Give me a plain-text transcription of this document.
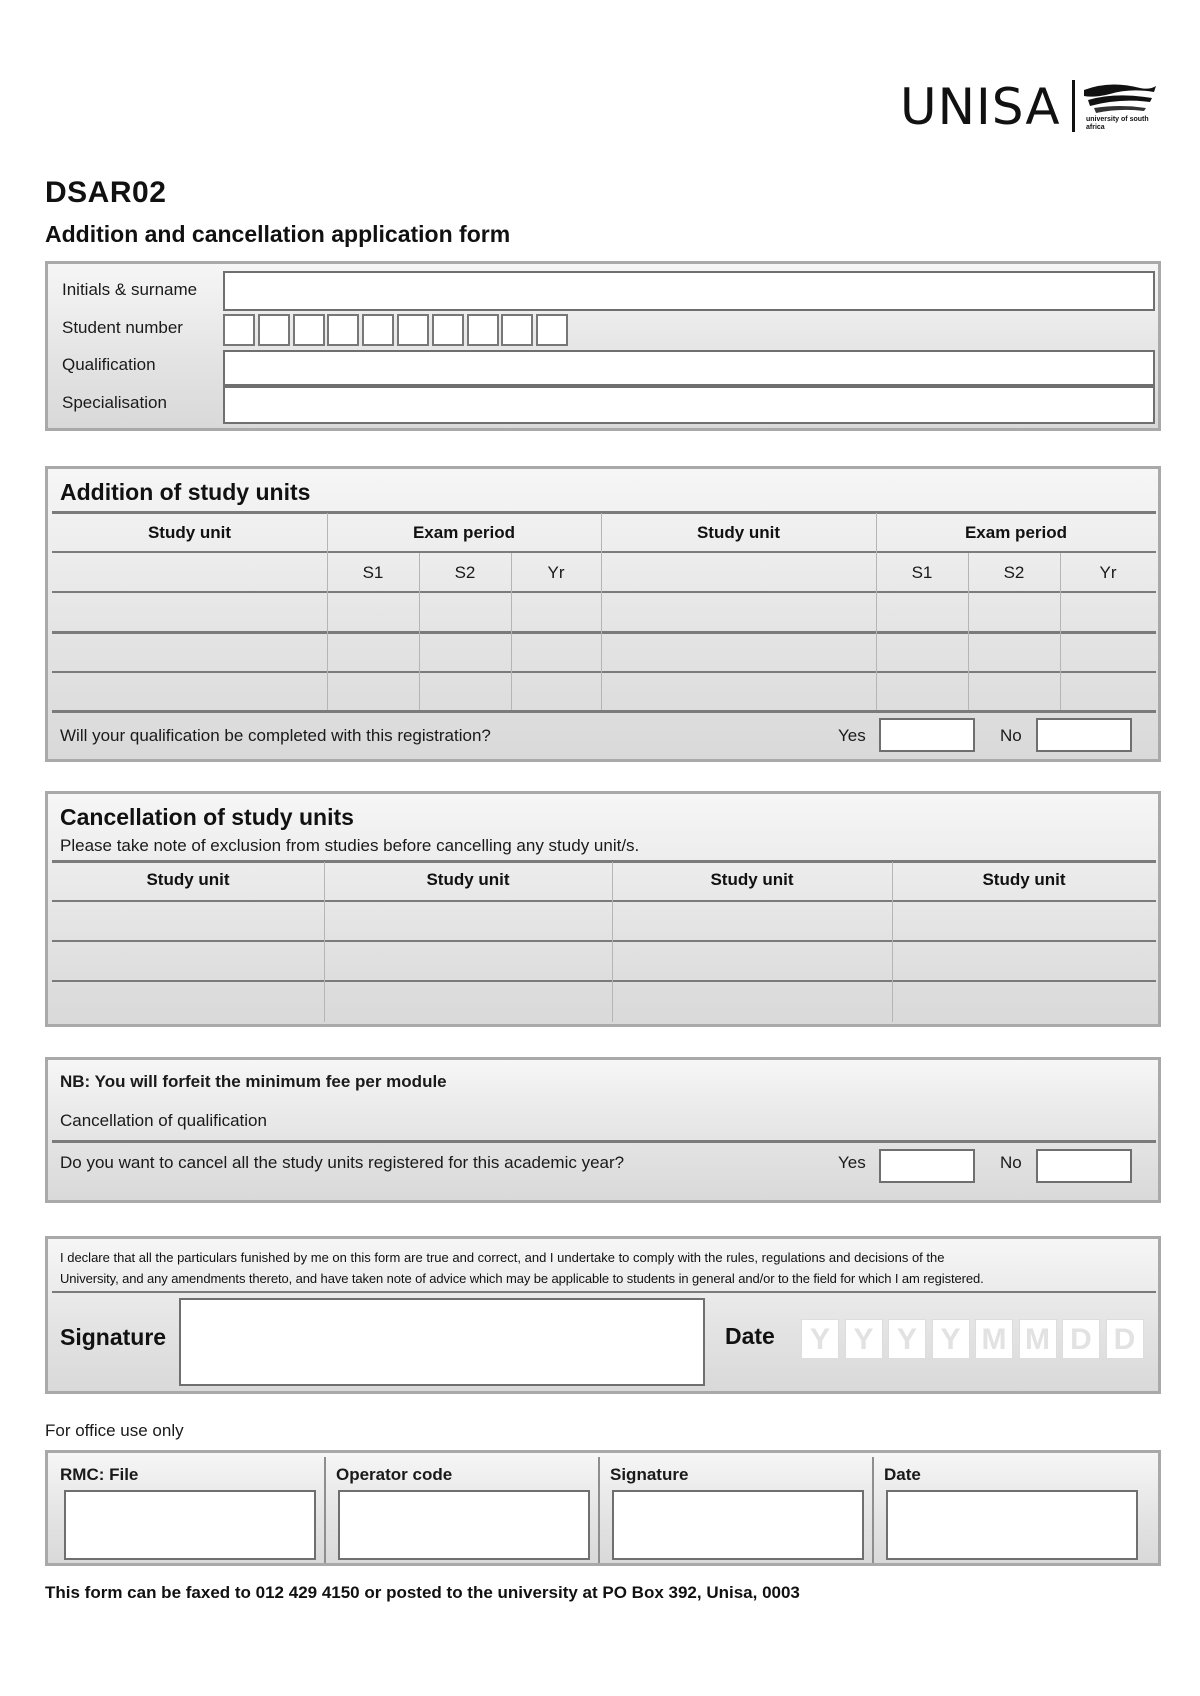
UNISA	university of south africa
DSAR02
Addition and cancellation application form
Initials & surname
Student number
Qualification
Specialisation
Addition of study units
Study unit	Exam period	Study unit	Exam period
S1	S2	Yr	S1	S2	Yr
Will your qualification be completed with this registration?	Yes	No
Cancellation of study units
Please take note of exclusion from studies before cancelling any study unit/s.
Study unit	Study unit	Study unit	Study unit
NB: You will forfeit the minimum fee per module
Cancellation of qualification
Do you want to cancel all the study units registered for this academic year?	Yes	No
I declare that all the particulars funished by me on this form are true and correct, and I undertake to comply with the rules, regulations and decisions of the
University, and any amendments thereto, and have taken note of advice which may be applicable to students in general and/or to the field for which I am registered.
Signature	Date Y Y Y Y M M D D
For office use only
RMC: File	Operator code	Signature	Date
This form can be faxed to 012 429 4150 or posted to the university at PO Box 392, Unisa, 0003
